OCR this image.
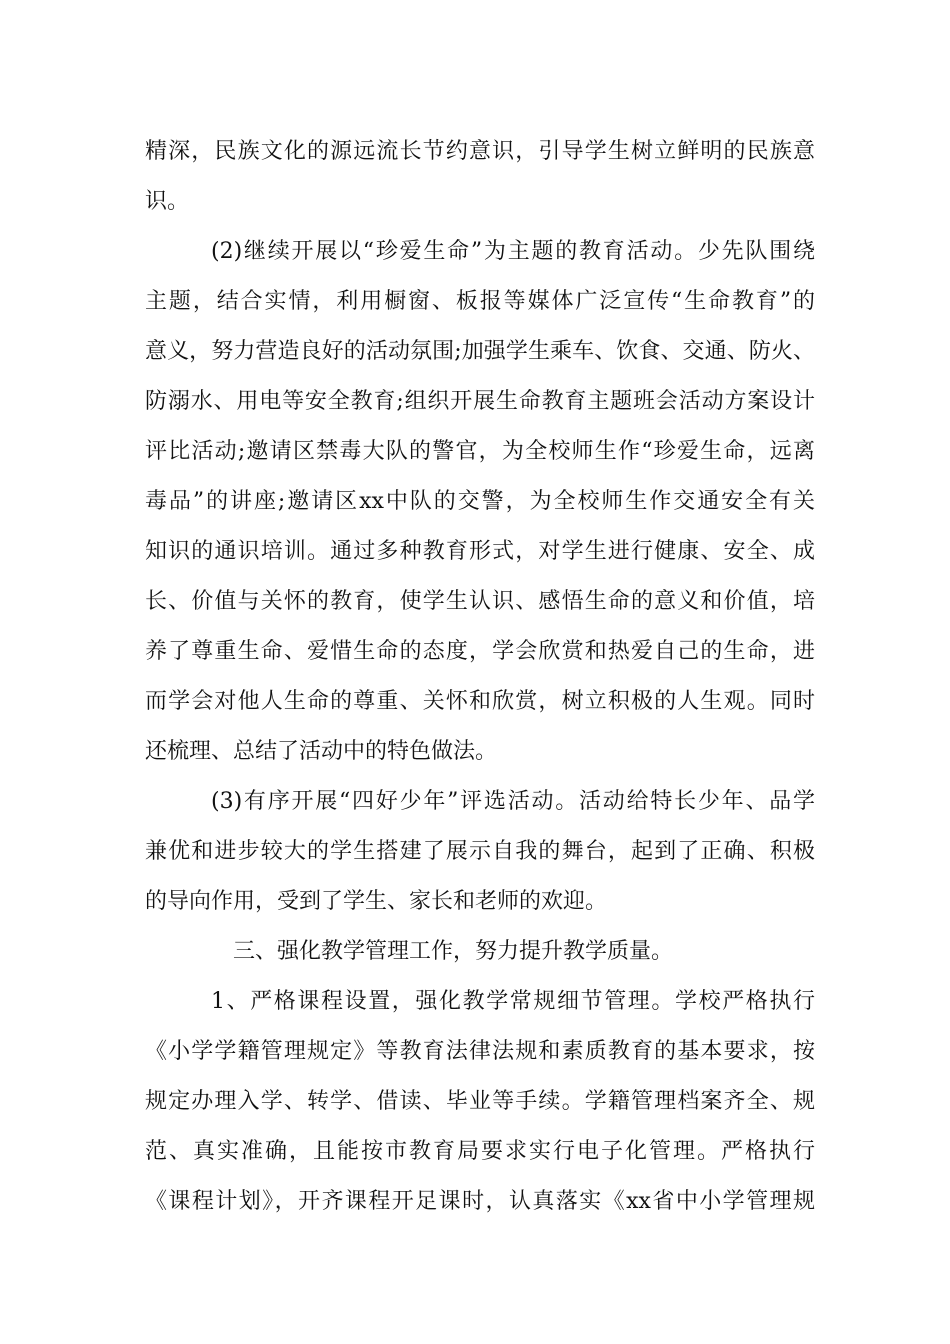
精深，民族文化的源远流长节约意识，引导学生树立鲜明的民族意
识。
(2)继续开展以“珍爱生命”为主题的教育活动。少先队围绕
主题，结合实情，利用橱窗、板报等媒体广泛宣传“生命教育”的
意义，努力营造良好的活动氛围;加强学生乘车、饮食、交通、防火、
防溺水、用电等安全教育;组织开展生命教育主题班会活动方案设计
评比活动;邀请区禁毒大队的警官，为全校师生作“珍爱生命，远离
毒品”的讲座;邀请区xx中队的交警，为全校师生作交通安全有关
知识的通识培训。通过多种教育形式，对学生进行健康、安全、成
长、价值与关怀的教育，使学生认识、感悟生命的意义和价值，培
养了尊重生命、爱惜生命的态度，学会欣赏和热爱自己的生命，进
而学会对他人生命的尊重、关怀和欣赏，树立积极的人生观。同时
还梳理、总结了活动中的特色做法。
(3)有序开展“四好少年”评选活动。活动给特长少年、品学
兼优和进步较大的学生搭建了展示自我的舞台，起到了正确、积极
的导向作用，受到了学生、家长和老师的欢迎。
三、强化教学管理工作，努力提升教学质量。
1、严格课程设置，强化教学常规细节管理。学校严格执行
《小学学籍管理规定》等教育法律法规和素质教育的基本要求，按
规定办理入学、转学、借读、毕业等手续。学籍管理档案齐全、规
范、真实准确，且能按市教育局要求实行电子化管理。严格执行
《课程计划》，开齐课程开足课时，认真落实《xx省中小学管理规
